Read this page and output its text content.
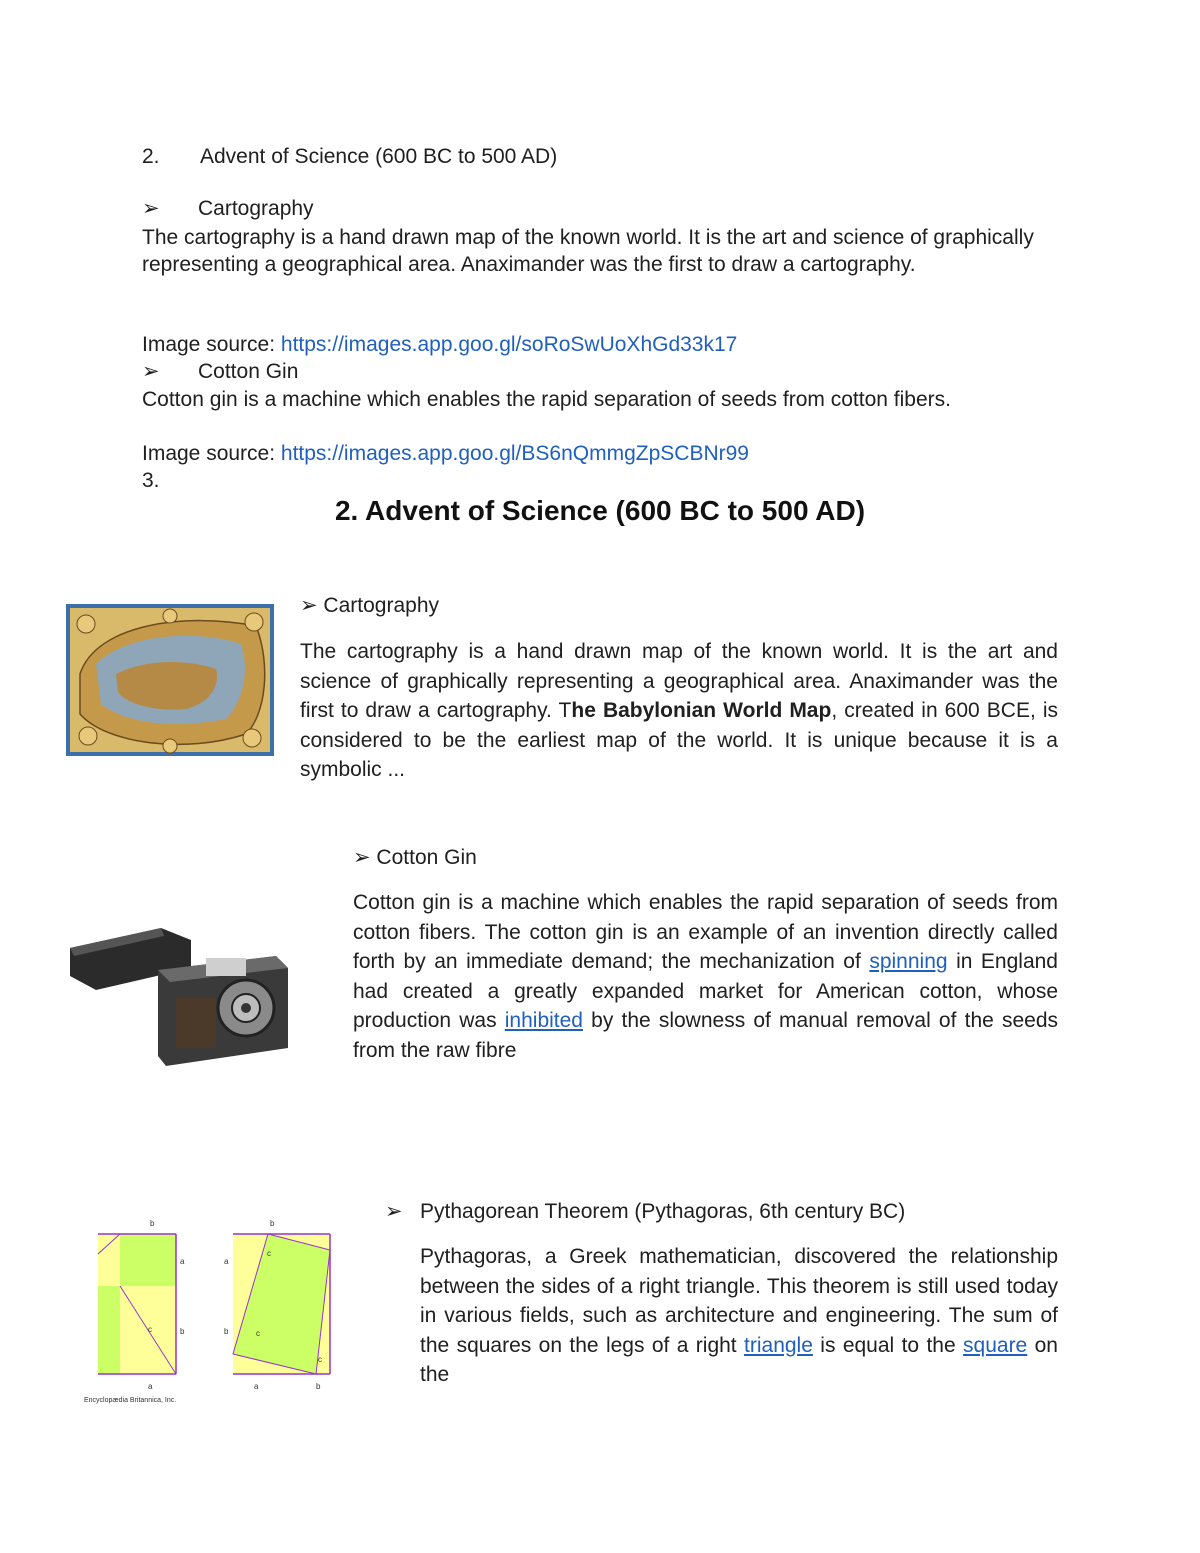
2. Advent of Science (600 BC to 500 AD)
➢ Cartography
The cartography is a hand drawn map of the known world. It is the art and science of graphically representing a geographical area. Anaximander was the first to draw a cartography.
Image source: https://images.app.goo.gl/soRoSwUoXhGd33k17
➢ Cotton Gin
Cotton gin is a machine which enables the rapid separation of seeds from cotton fibers.
Image source: https://images.app.goo.gl/BS6nQmmgZpSCBNr99
3.
2. Advent of Science (600 BC to 500 AD)
➢ Cartography

The cartography is a hand drawn map of the known world. It is the art and science of graphically representing a geographical area. Anaximander was the first to draw a cartography. The Babylonian World Map, created in 600 BCE, is considered to be the earliest map of the world. It is unique because it is a symbolic ...

➢ Cotton Gin

Cotton gin is a machine which enables the rapid separation of seeds from cotton fibers. The cotton gin is an example of an invention directly called forth by an immediate demand; the mechanization of spinning in England had created a greatly expanded market for American cotton, whose production was inhibited by the slowness of manual removal of the seeds from the raw fibre

b
a
b
c
a
b
a
b
c
c
c
a	b
Encyclopædia Britannica, Inc.
➢ Pythagorean Theorem (Pythagoras, 6th century BC)

Pythagoras, a Greek mathematician, discovered the relationship between the sides of a right triangle. This theorem is still used today in various fields, such as architecture and engineering. The sum of the squares on the legs of a right triangle is equal to the square on the
